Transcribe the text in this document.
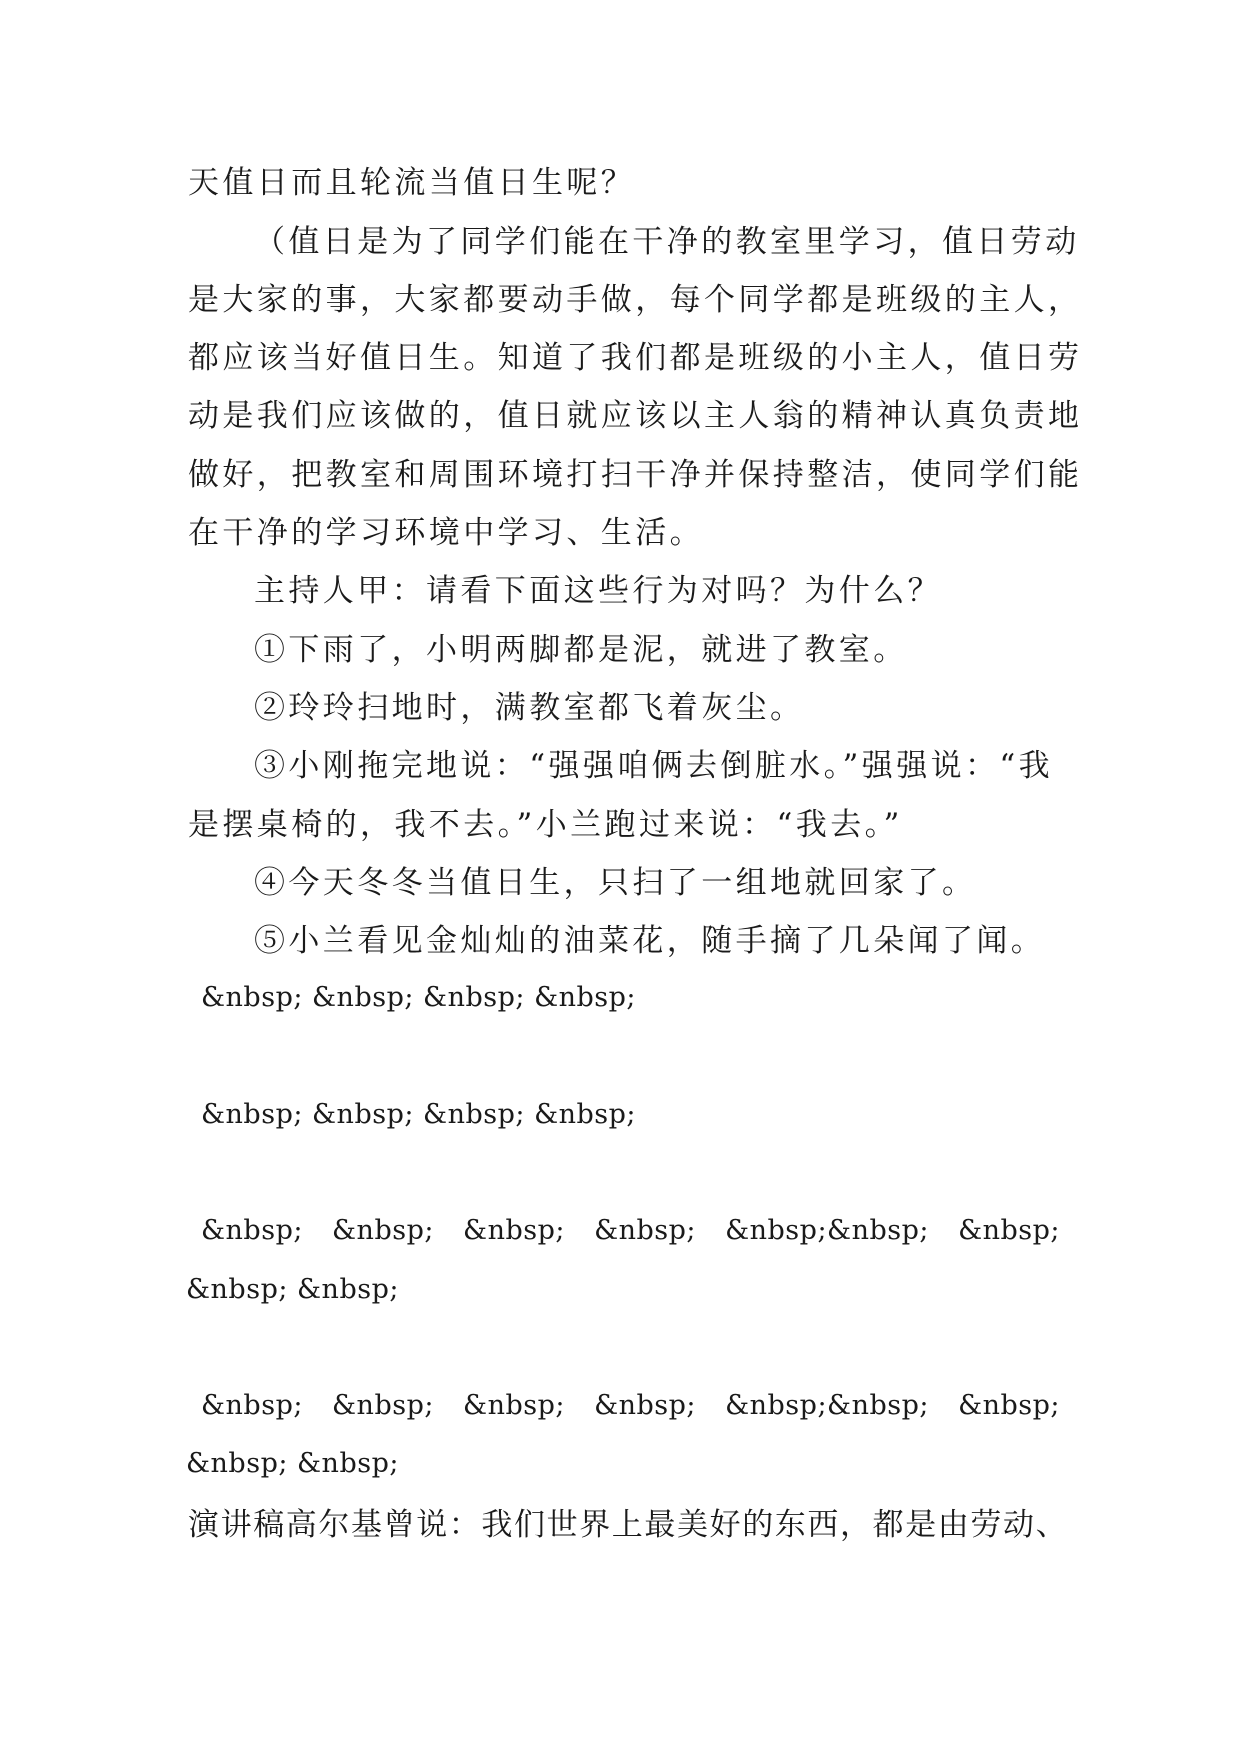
天值日而且轮流当值日生呢？
（值日是为了同学们能在干净的教室里学习，值日劳动
是大家的事，大家都要动手做，每个同学都是班级的主人，
都应该当好值日生。知道了我们都是班级的小主人，值日劳
动是我们应该做的，值日就应该以主人翁的精神认真负责地
做好，把教室和周围环境打扫干净并保持整洁，使同学们能
在干净的学习环境中学习、生活。
主持人甲：请看下面这些行为对吗？为什么？
①下雨了，小明两脚都是泥，就进了教室。
②玲玲扫地时，满教室都飞着灰尘。
③小刚拖完地说：“强强咱俩去倒脏水。”强强说：“我
是摆桌椅的，我不去。”小兰跑过来说：“我去。”
④今天冬冬当值日生，只扫了一组地就回家了。
⑤小兰看见金灿灿的油菜花，随手摘了几朵闻了闻。
&nbsp; &nbsp; &nbsp; &nbsp;
&nbsp; &nbsp; &nbsp; &nbsp;
&nbsp; &nbsp; &nbsp; &nbsp; &nbsp;&nbsp; &nbsp;
&nbsp; &nbsp;
&nbsp; &nbsp; &nbsp; &nbsp; &nbsp;&nbsp; &nbsp;
&nbsp; &nbsp;
演讲稿高尔基曾说：我们世界上最美好的东西，都是由劳动、
